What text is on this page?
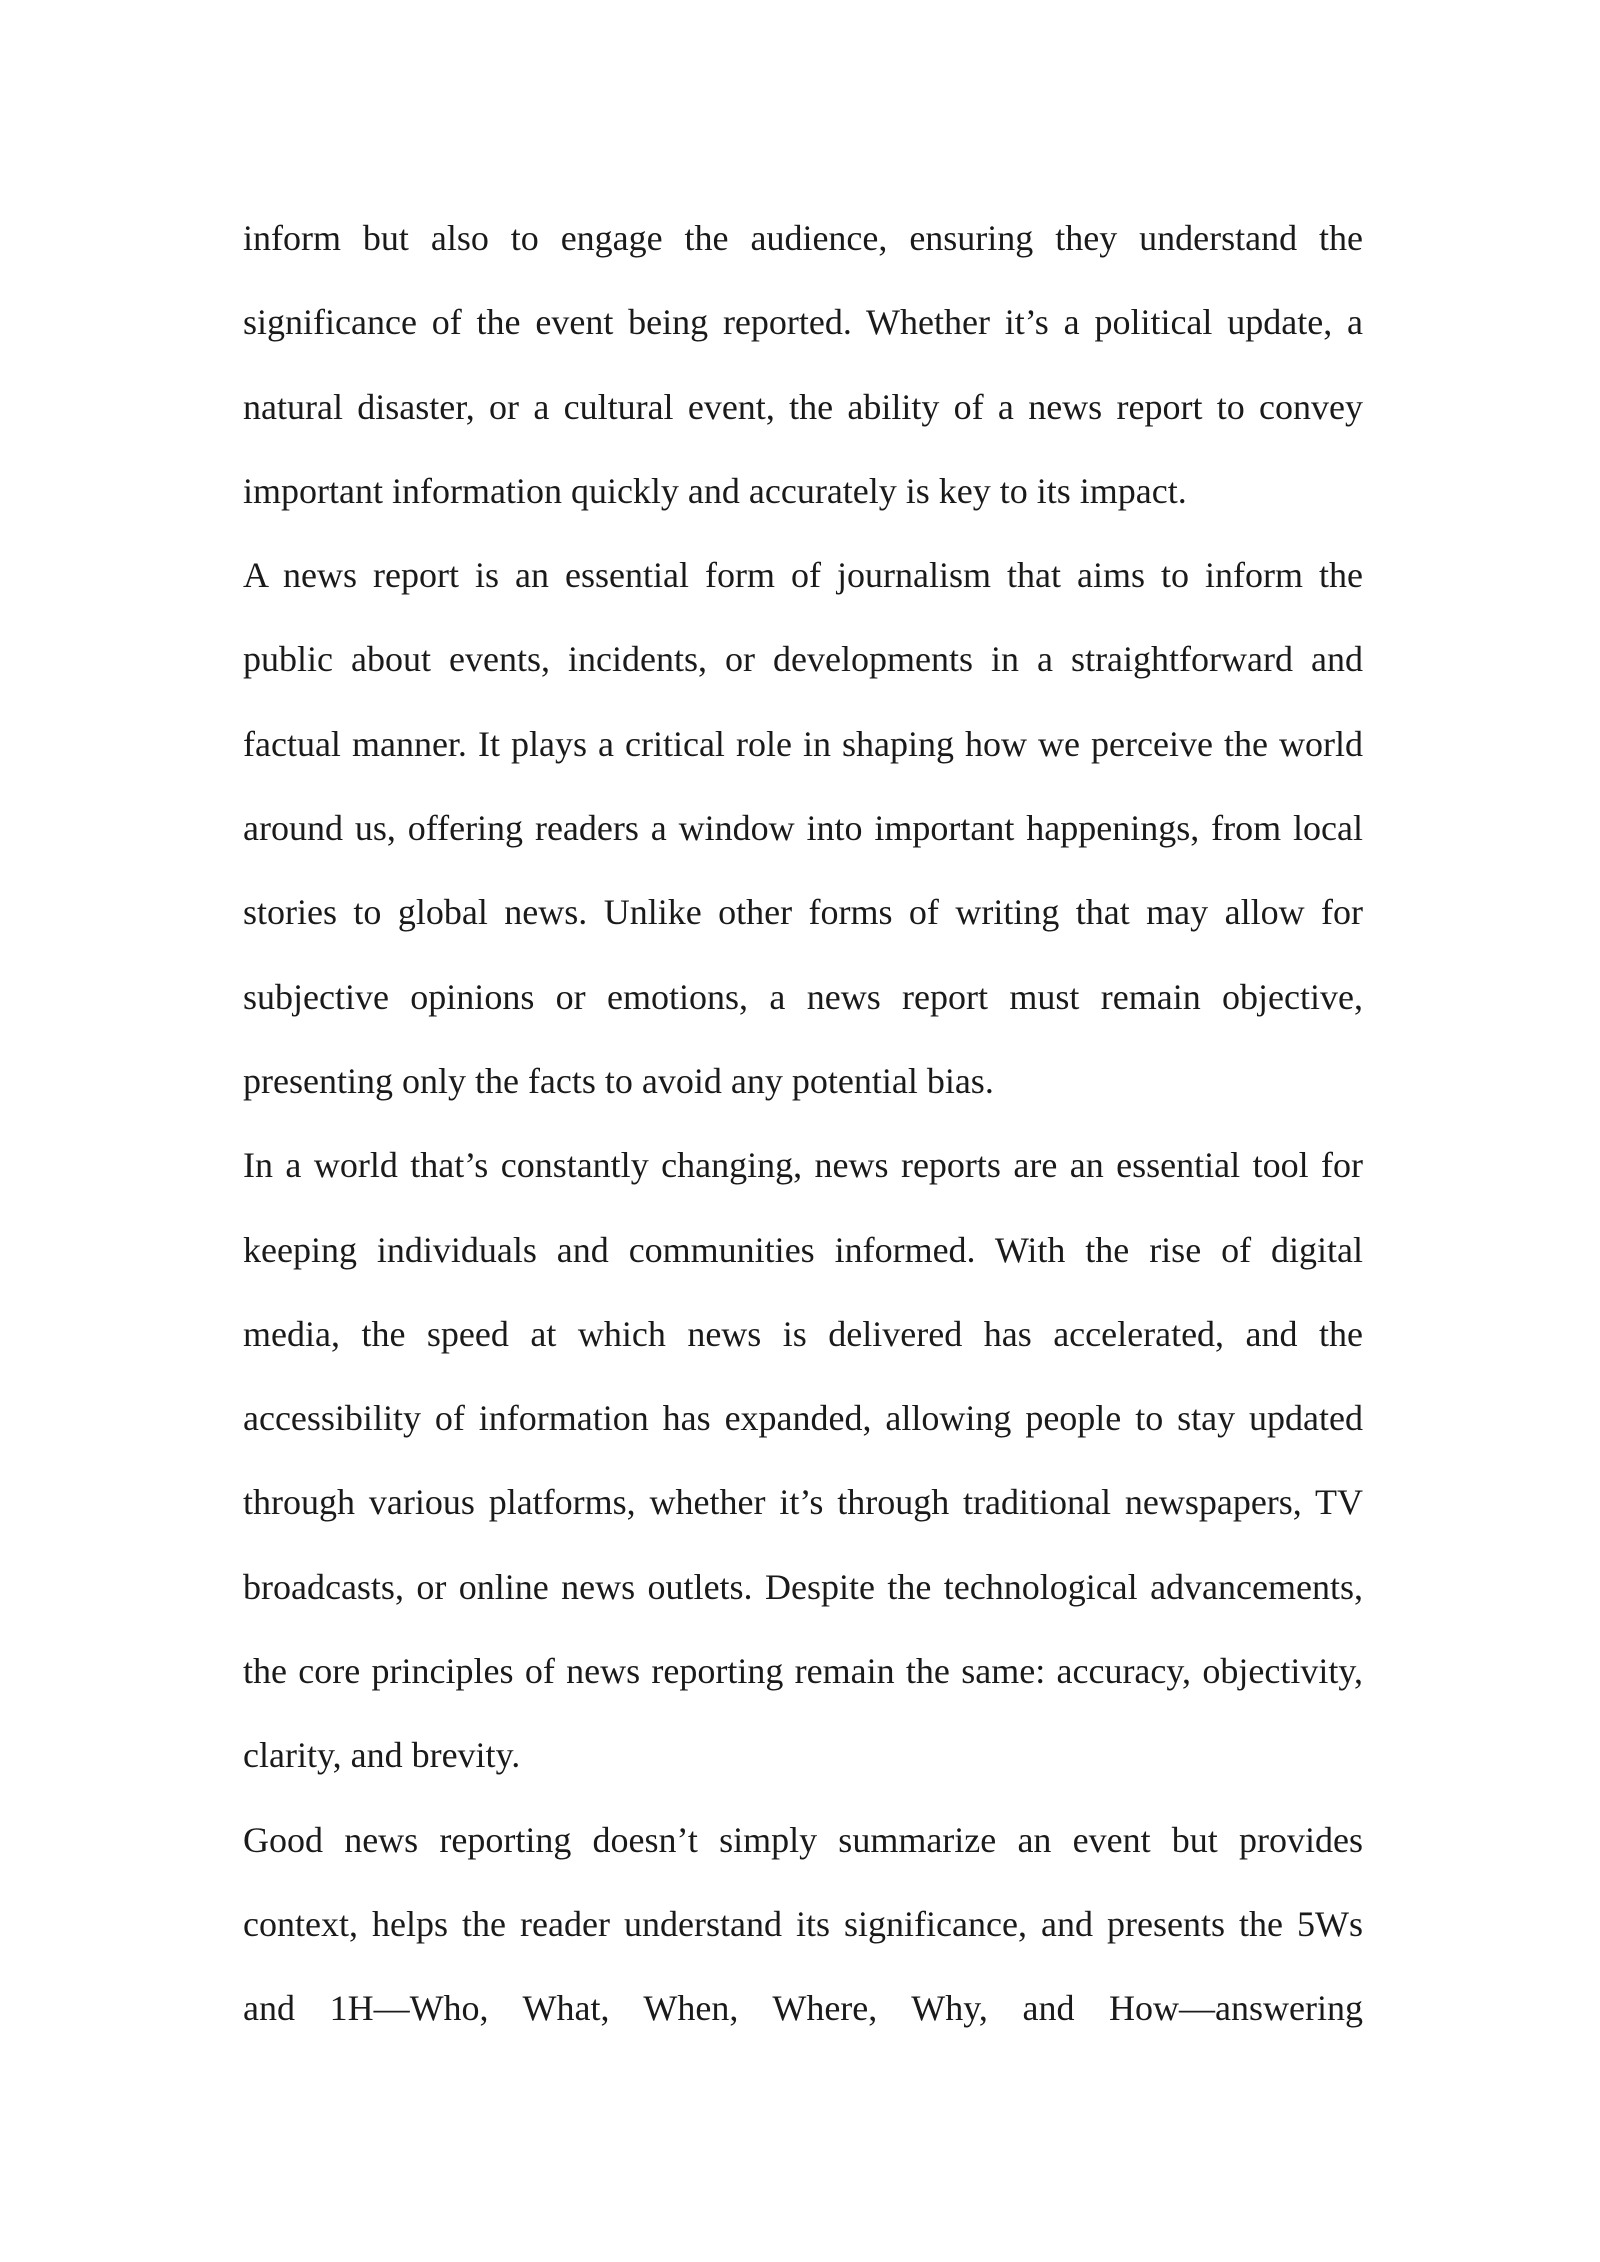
inform but also to engage the audience, ensuring they understand the significance of the event being reported. Whether it’s a political update, a natural disaster, or a cultural event, the ability of a news report to convey important information quickly and accurately is key to its impact.

A news report is an essential form of journalism that aims to inform the public about events, incidents, or developments in a straightforward and factual manner. It plays a critical role in shaping how we perceive the world around us, offering readers a window into important happenings, from local stories to global news. Unlike other forms of writing that may allow for subjective opinions or emotions, a news report must remain objective, presenting only the facts to avoid any potential bias.

In a world that’s constantly changing, news reports are an essential tool for keeping individuals and communities informed. With the rise of digital media, the speed at which news is delivered has accelerated, and the accessibility of information has expanded, allowing people to stay updated through various platforms, whether it’s through traditional newspapers, TV broadcasts, or online news outlets. Despite the technological advancements, the core principles of news reporting remain the same: accuracy, objectivity, clarity, and brevity.

Good news reporting doesn’t simply summarize an event but provides context, helps the reader understand its significance, and presents the 5Ws and 1H—Who, What, When, Where, Why, and How—answering
